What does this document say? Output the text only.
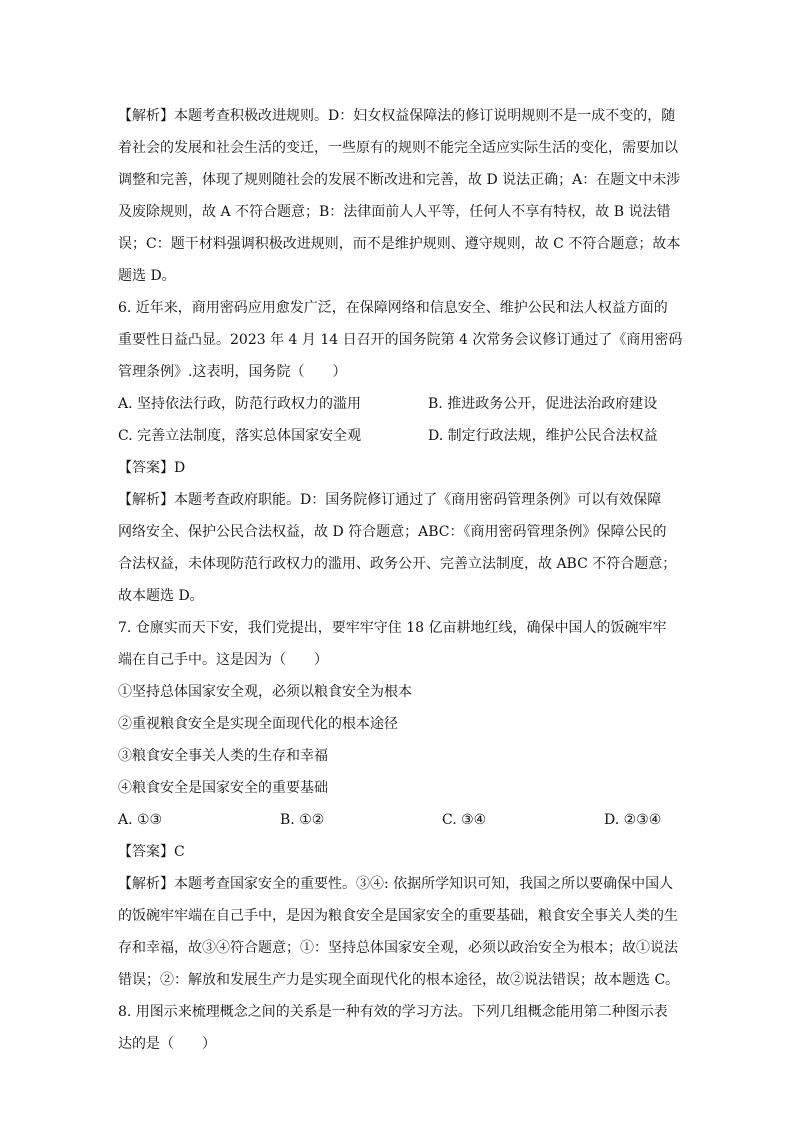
【解析】本题考查积极改进规则。D：妇女权益保障法的修订说明规则不是一成不变的，随
着社会的发展和社会生活的变迁，一些原有的规则不能完全适应实际生活的变化，需要加以
调整和完善，体现了规则随社会的发展不断改进和完善，故 D 说法正确；A：在题文中未涉
及废除规则，故 A 不符合题意；B：法律面前人人平等，任何人不享有特权，故 B 说法错
误；C：题干材料强调积极改进规则，而不是维护规则、遵守规则，故 C 不符合题意；故本
题选 D。
6. 近年来，商用密码应用愈发广泛，在保障网络和信息安全、维护公民和法人权益方面的
重要性日益凸显。2023 年 4 月 14 日召开的国务院第 4 次常务会议修订通过了《商用密码
管理条例》.这表明，国务院（　　）
A. 坚持依法行政，防范行政权力的滥用	B. 推进政务公开，促进法治政府建设
C. 完善立法制度，落实总体国家安全观	D. 制定行政法规，维护公民合法权益
【答案】D
【解析】本题考查政府职能。D：国务院修订通过了《商用密码管理条例》可以有效保障
网络安全、保护公民合法权益，故 D 符合题意；ABC：《商用密码管理条例》保障公民的
合法权益，未体现防范行政权力的滥用、政务公开、完善立法制度，故 ABC 不符合题意；
故本题选 D。
7. 仓廪实而天下安，我们党提出，要牢牢守住 18 亿亩耕地红线，确保中国人的饭碗牢牢
端在自己手中。这是因为（　　）
①坚持总体国家安全观，必须以粮食安全为根本
②重视粮食安全是实现全面现代化的根本途径
③粮食安全事关人类的生存和幸福
④粮食安全是国家安全的重要基础
A. ①③	B. ①②	C. ③④	D. ②③④
【答案】C
【解析】本题考查国家安全的重要性。③④: 依据所学知识可知，我国之所以要确保中国人
的饭碗牢牢端在自己手中，是因为粮食安全是国家安全的重要基础，粮食安全事关人类的生
存和幸福，故③④符合题意；①：坚持总体国家安全观，必须以政治安全为根本；故①说法
错误；②：解放和发展生产力是实现全面现代化的根本途径，故②说法错误；故本题选 C。
8. 用图示来梳理概念之间的关系是一种有效的学习方法。下列几组概念能用第二种图示表
达的是（　　）
